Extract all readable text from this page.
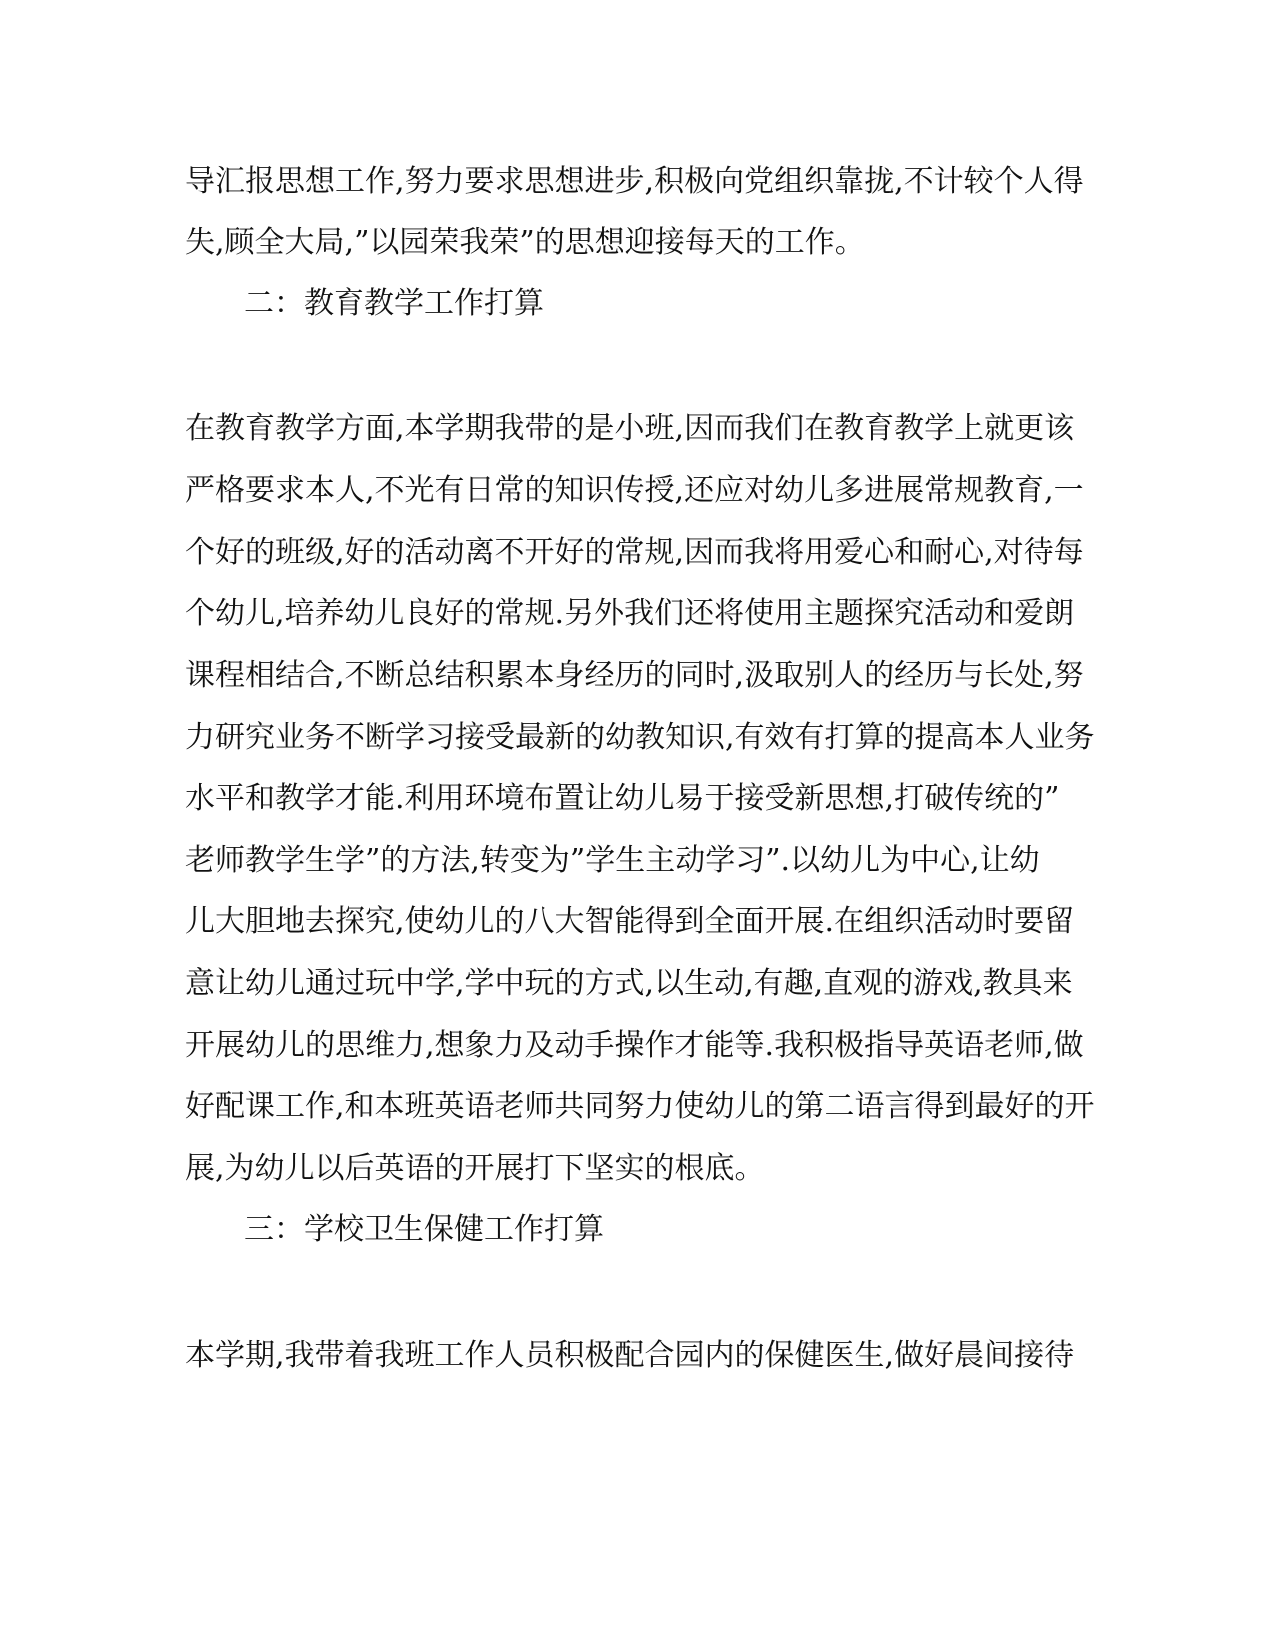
导汇报思想工作,努力要求思想进步,积极向党组织靠拢,不计较个人得
失,顾全大局,”以园荣我荣”的思想迎接每天的工作。
二：教育教学工作打算
在教育教学方面,本学期我带的是小班,因而我们在教育教学上就更该
严格要求本人,不光有日常的知识传授,还应对幼儿多进展常规教育,一
个好的班级,好的活动离不开好的常规,因而我将用爱心和耐心,对待每
个幼儿,培养幼儿良好的常规.另外我们还将使用主题探究活动和爱朗
课程相结合,不断总结积累本身经历的同时,汲取别人的经历与长处,努
力研究业务不断学习接受最新的幼教知识,有效有打算的提高本人业务
水平和教学才能.利用环境布置让幼儿易于接受新思想,打破传统的”
老师教学生学”的方法,转变为”学生主动学习”.以幼儿为中心,让幼
儿大胆地去探究,使幼儿的八大智能得到全面开展.在组织活动时要留
意让幼儿通过玩中学,学中玩的方式,以生动,有趣,直观的游戏,教具来
开展幼儿的思维力,想象力及动手操作才能等.我积极指导英语老师,做
好配课工作,和本班英语老师共同努力使幼儿的第二语言得到最好的开
展,为幼儿以后英语的开展打下坚实的根底。
三：学校卫生保健工作打算
本学期,我带着我班工作人员积极配合园内的保健医生,做好晨间接待
